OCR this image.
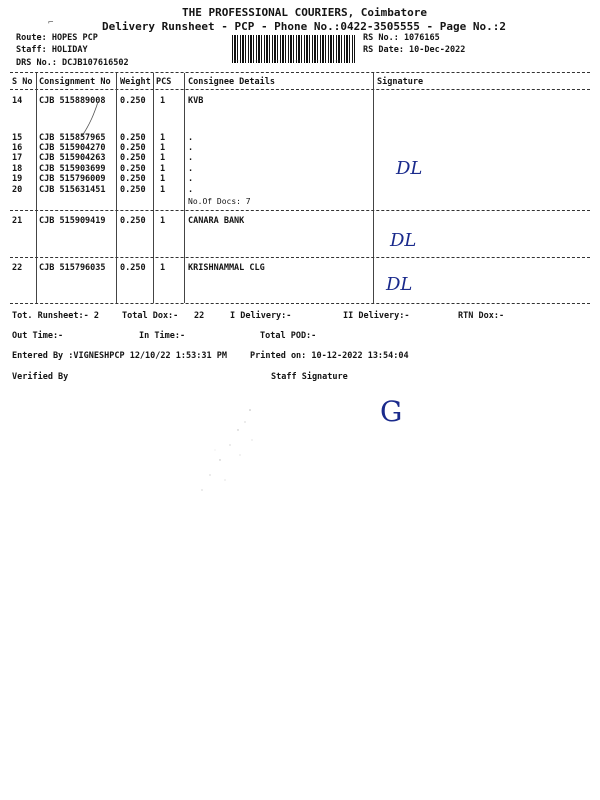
THE PROFESSIONAL COURIERS, Coimbatore
Delivery Runsheet - PCP - Phone No.:0422-3505555 - Page No.:2
⌐
Route: HOPES PCP
Staff: HOLIDAY
DRS No.: DCJB107616502
RS No.: 1076165
RS Date: 10-Dec-2022
S No Consignment No Weight PCS Consignee Details	Signature
14 CJB 515889008 0.250 1	KVB
15 CJB 515857965 0.250 1	.
16 CJB 515904270 0.250 1	.
17 CJB 515904263 0.250 1	.
18 CJB 515903699 0.250 1	.
19 CJB 515796009 0.250 1	.
20 CJB 515631451 0.250 1	.
No.Of Docs: 7
DL
21 CJB 515909419 0.250 1	CANARA BANK
DL
22 CJB 515796035 0.250 1	KRISHNAMMAL CLG
DL
Tot. Runsheet:- 2	Total Dox:- 22	I Delivery:-	II Delivery:-	RTN Dox:-
Out Time:-	In Time:-	Total POD:-
Entered By :VIGNESHPCP 12/10/22 1:53:31 PM	Printed on: 10-12-2022 13:54:04
Verified By	Staff Signature
G
